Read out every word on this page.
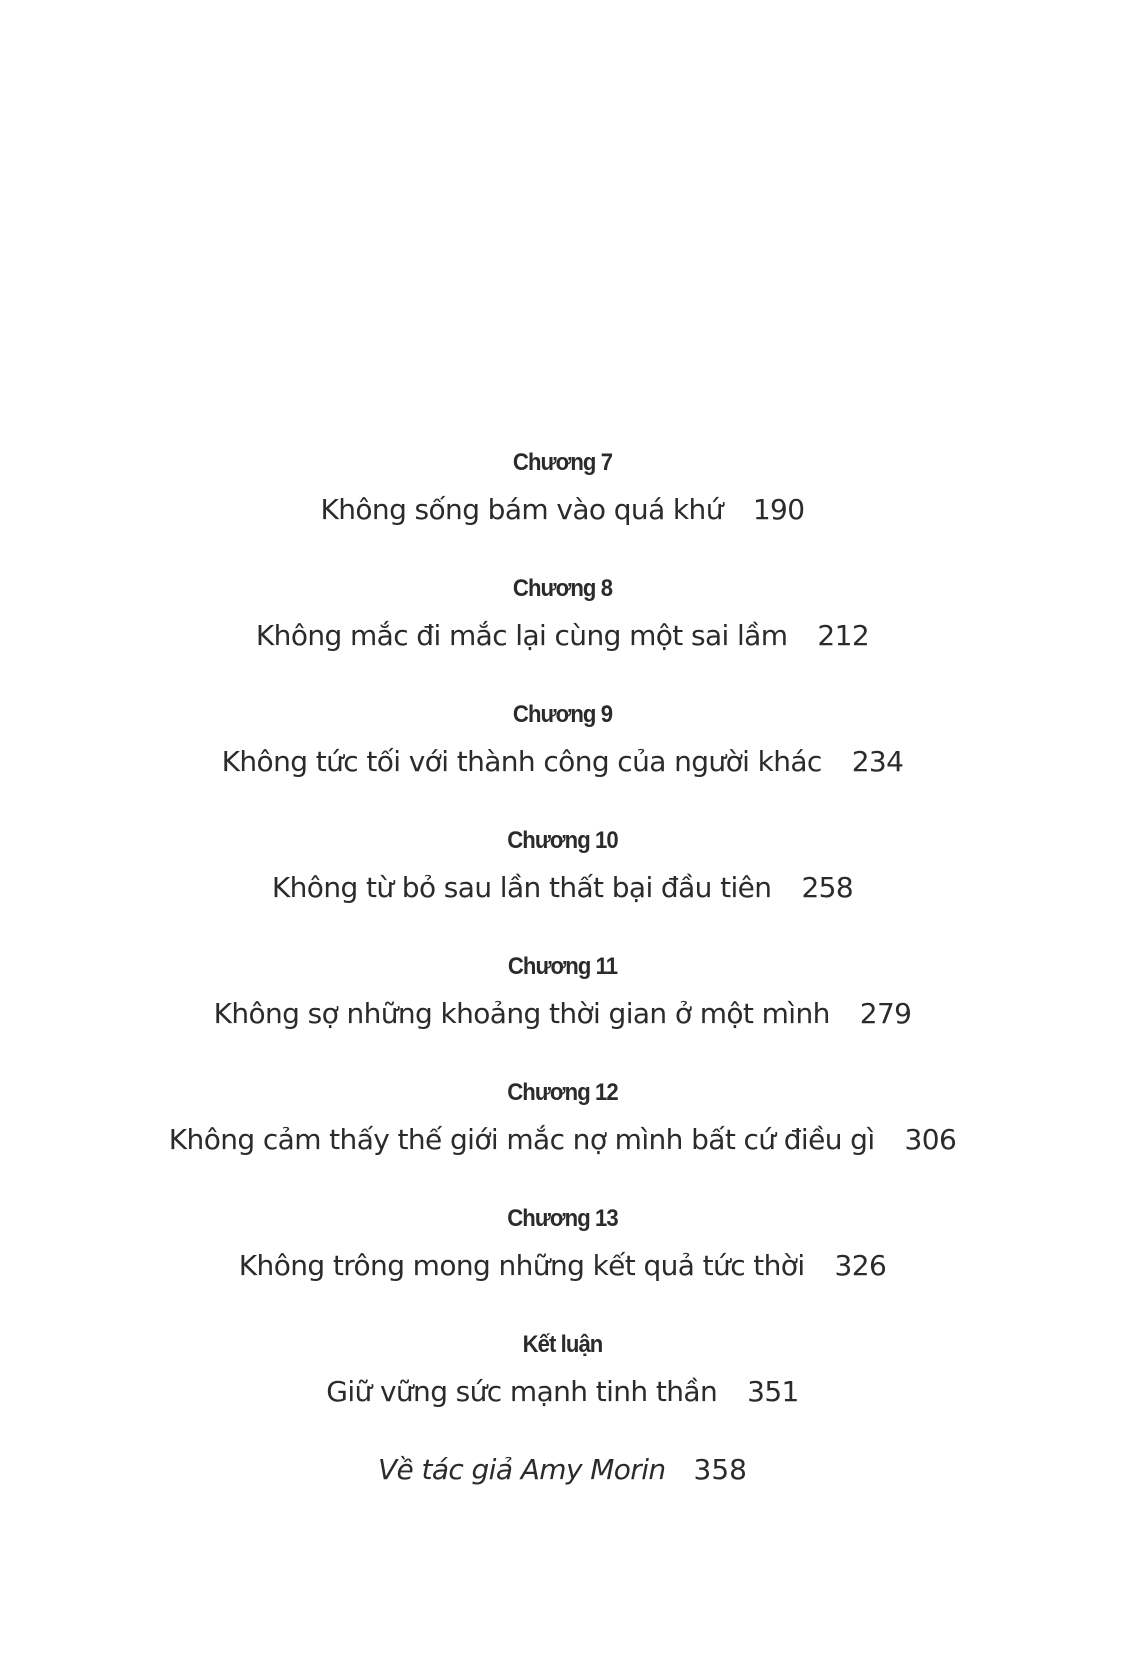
Chương 7
Không sống bám vào quá khứ 190
Chương 8
Không mắc đi mắc lại cùng một sai lầm 212
Chương 9
Không tức tối với thành công của người khác 234
Chương 10
Không từ bỏ sau lần thất bại đầu tiên 258
Chương 11
Không sợ những khoảng thời gian ở một mình 279
Chương 12
Không cảm thấy thế giới mắc nợ mình bất cứ điều gì 306
Chương 13
Không trông mong những kết quả tức thời 326
Kết luận
Giữ vững sức mạnh tinh thần 351
Về tác giả Amy Morin 358
